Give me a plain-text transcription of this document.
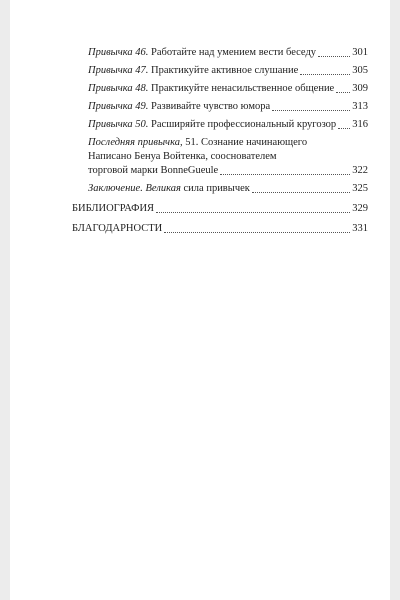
Привычка 46. Работайте над умением вести беседу	301
Привычка 47. Практикуйте активное слушание	305
Привычка 48. Практикуйте ненасильственное общение 309
Привычка 49. Развивайте чувство юмора	313
Привычка 50. Расширяйте профессиональный кругозор 316
Последняя привычка, 51. Сознание начинающего
Написано Бенуа Войтенка, сооснователем
торговой марки BonneGueule	322
Заключение. Великая сила привычек	325
БИБЛИОГРАФИЯ	329
БЛАГОДАРНОСТИ	331
